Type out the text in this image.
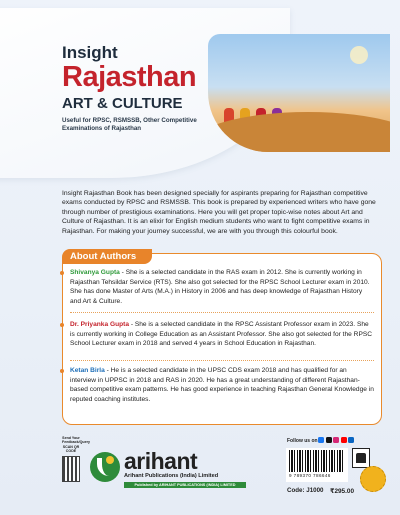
Insight
Rajasthan
ART & CULTURE
Useful for RPSC, RSMSSB, Other Competitive Examinations of Rajasthan

Insight Rajasthan Book has been designed specially for aspirants preparing for Rajasthan competitive exams conducted by RPSC and RSMSSB. This book is prepared by experienced writers who have gone through number of prestigious examinations. Here you will get proper topic-wise notes about Art and Culture of Rajasthan. It is an elixir for English medium students who want to fight competitive exams in Rajasthan. For making your journey successful, we are with you through this colourful book.

About Authors
Shivanya Gupta - She is a selected candidate in the RAS exam in 2012. She is currently working in Rajasthan Tehsildar Service (RTS). She also got selected for the RPSC School Lecturer exam in 2010. She has done Master of Arts (M.A.) in History in 2006 and has deep knowledge of Rajasthan History and Art & Culture.
Dr. Priyanka Gupta - She is a selected candidate in the RPSC Assistant Professor exam in 2023. She is currently working in College Education as an Assistant Professor. She also got selected for the RPSC School Lecturer exam in 2018 and served 4 years in School Education in Rajasthan.
Ketan Birla - He is a selected candidate in the UPSC CDS exam 2018 and has qualified for an interview in UPPSC in 2018 and RAS in 2020. He has a great understanding of different Rajasthan-based competitive exam patterns. He has good experience in teaching Rajasthan General Knowledge in reputed coaching institutes.
Send Your Feedback/Query SCAN QR CODE arihant
Arihant Publications (India) Limited
Published by ARIHANT PUBLICATIONS (INDIA) LIMITED
Follow us on
9 789370 786646
Code: J1000 ₹295.00
